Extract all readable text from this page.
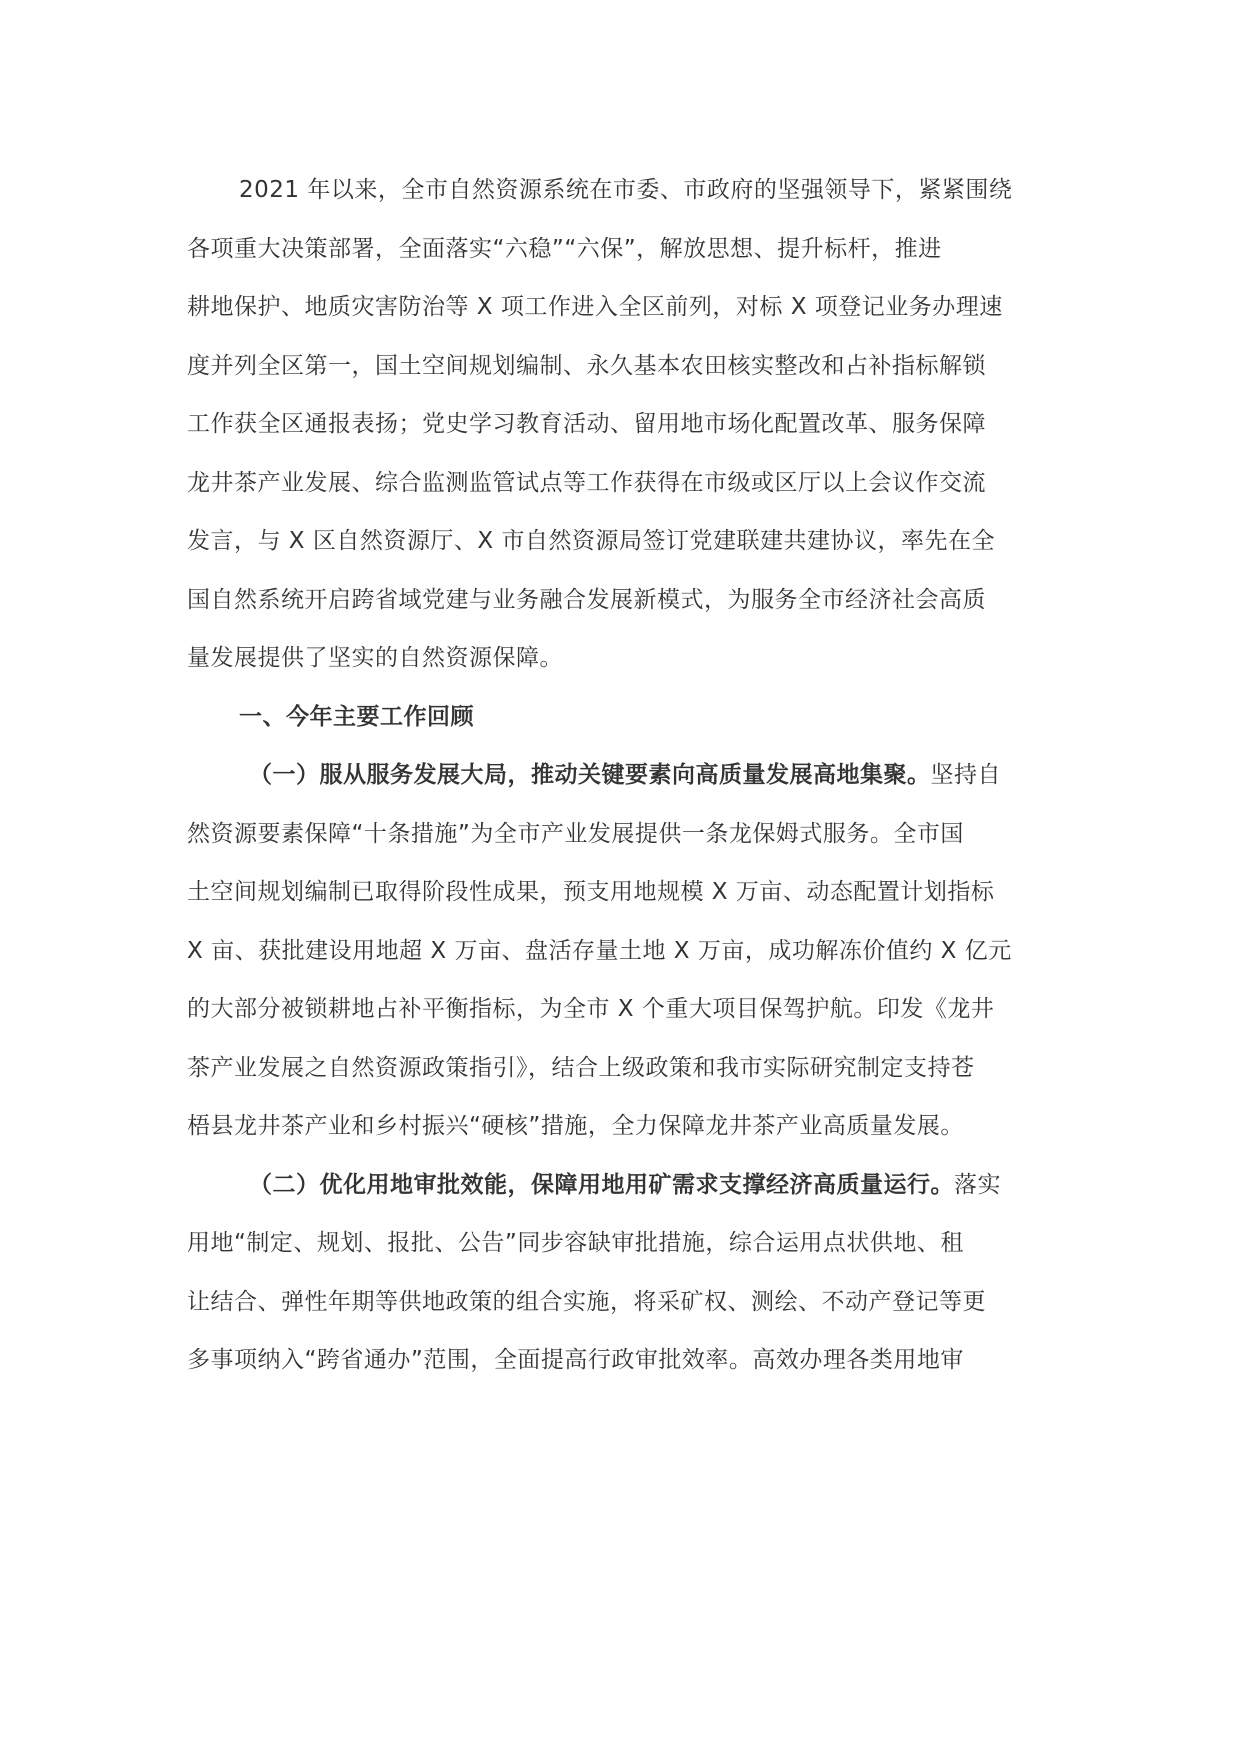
2021 年以来，全市自然资源系统在市委、市政府的坚强领导下，紧紧围绕
各项重大决策部署，全面落实“六稳”“六保”，解放思想、提升标杆，推进
耕地保护、地质灾害防治等 X 项工作进入全区前列，对标 X 项登记业务办理速
度并列全区第一，国土空间规划编制、永久基本农田核实整改和占补指标解锁
工作获全区通报表扬；党史学习教育活动、留用地市场化配置改革、服务保障
龙井茶产业发展、综合监测监管试点等工作获得在市级或区厅以上会议作交流
发言，与 X 区自然资源厅、X 市自然资源局签订党建联建共建协议，率先在全
国自然系统开启跨省域党建与业务融合发展新模式，为服务全市经济社会高质
量发展提供了坚实的自然资源保障。
一、今年主要工作回顾
（一）服从服务发展大局，推动关键要素向高质量发展高地集聚。坚持自
然资源要素保障“十条措施”为全市产业发展提供一条龙保姆式服务。全市国
土空间规划编制已取得阶段性成果，预支用地规模 X 万亩、动态配置计划指标
X 亩、获批建设用地超 X 万亩、盘活存量土地 X 万亩，成功解冻价值约 X 亿元
的大部分被锁耕地占补平衡指标，为全市 X 个重大项目保驾护航。印发《龙井
茶产业发展之自然资源政策指引》，结合上级政策和我市实际研究制定支持苍
梧县龙井茶产业和乡村振兴“硬核”措施，全力保障龙井茶产业高质量发展。
（二）优化用地审批效能，保障用地用矿需求支撑经济高质量运行。落实
用地“制定、规划、报批、公告”同步容缺审批措施，综合运用点状供地、租
让结合、弹性年期等供地政策的组合实施，将采矿权、测绘、不动产登记等更
多事项纳入“跨省通办”范围，全面提高行政审批效率。高效办理各类用地审
